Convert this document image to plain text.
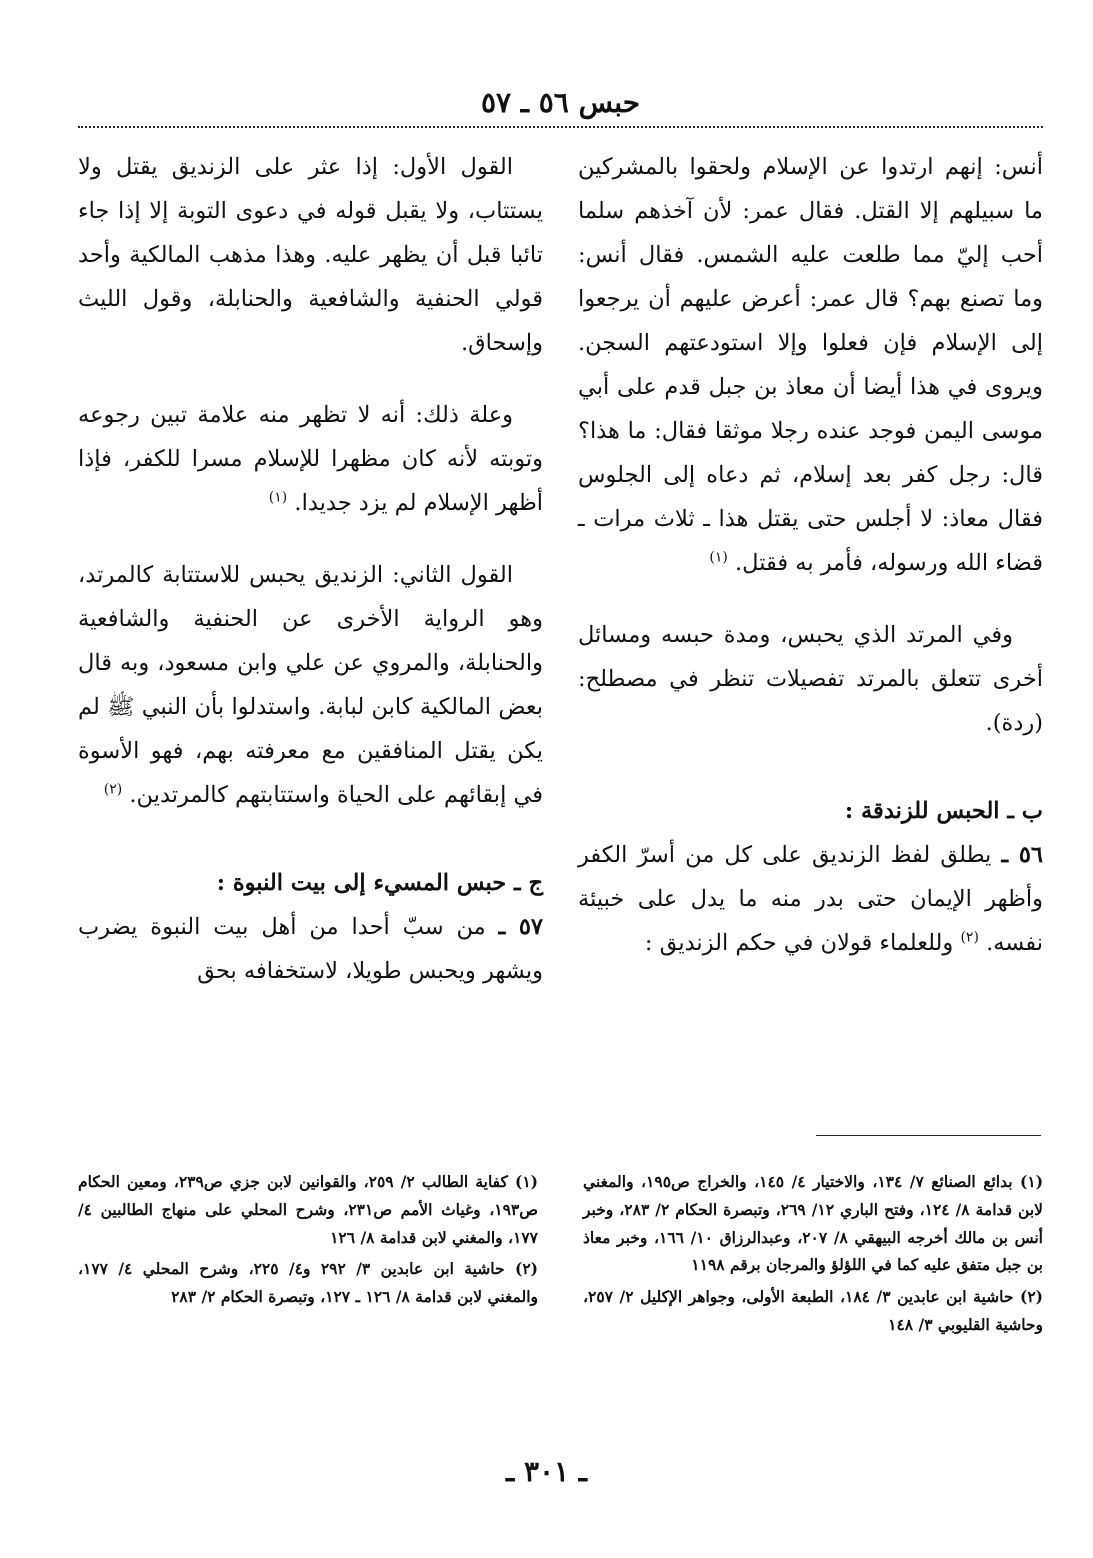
حبس ٥٦ ـ ٥٧

أنس: إنهم ارتدوا عن الإسلام ولحقوا بالمشركين ما سبيلهم إلا القتل. فقال عمر: لأن آخذهم سلما أحب إليّ مما طلعت عليه الشمس. فقال أنس: وما تصنع بهم؟ قال عمر: أعرض عليهم أن يرجعوا إلى الإسلام فإن فعلوا وإلا استودعتهم السجن. ويروى في هذا أيضا أن معاذ بن جبل قدم على أبي موسى اليمن فوجد عنده رجلا موثقا فقال: ما هذا؟ قال: رجل كفر بعد إسلام، ثم دعاه إلى الجلوس فقال معاذ: لا أجلس حتى يقتل هذا ـ ثلاث مرات ـ قضاء الله ورسوله، فأمر به فقتل. $^{(١)}$

وفي المرتد الذي يحبس، ومدة حبسه ومسائل أخرى تتعلق بالمرتد تفصيلات تنظر في مصطلح: (ردة).

ب ـ الحبس للزندقة :

٥٦ ـ يطلق لفظ الزنديق على كل من أسرّ الكفر وأظهر الإيمان حتى بدر منه ما يدل على خبيئة نفسه. $^{(٢)}$ وللعلماء قولان في حكم الزنديق :

القول الأول: إذا عثر على الزنديق يقتل ولا يستتاب، ولا يقبل قوله في دعوى التوبة إلا إذا جاء تائبا قبل أن يظهر عليه. وهذا مذهب المالكية وأحد قولي الحنفية والشافعية والحنابلة، وقول الليث وإسحاق.

وعلة ذلك: أنه لا تظهر منه علامة تبين رجوعه وتوبته لأنه كان مظهرا للإسلام مسرا للكفر، فإذا أظهر الإسلام لم يزد جديدا. $^{(١)}$

القول الثاني: الزنديق يحبس للاستتابة كالمرتد، وهو الرواية الأخرى عن الحنفية والشافعية والحنابلة، والمروي عن علي وابن مسعود، وبه قال بعض المالكية كابن لبابة. واستدلوا بأن النبي ﷺ لم يكن يقتل المنافقين مع معرفته بهم، فهو الأسوة في إبقائهم على الحياة واستتابتهم كالمرتدين. $^{(٢)}$

ج ـ حبس المسيء إلى بيت النبوة :

٥٧ ـ من سبّ أحدا من أهل بيت النبوة يضرب ويشهر ويحبس طويلا، لاستخفافه بحق

(١) بدائع الصنائع ٧/ ١٣٤، والاختيار ٤/ ١٤٥، والخراج ص١٩٥، والمغني لابن قدامة ٨/ ١٢٤، وفتح الباري ١٢/ ٢٦٩، وتبصرة الحكام ٢/ ٢٨٣، وخبر أنس بن مالك أخرجه البيهقي ٨/ ٢٠٧، وعبدالرزاق ١٠/ ١٦٦، وخبر معاذ بن جبل متفق عليه كما في اللؤلؤ والمرجان برقم ١١٩٨

(٢) حاشية ابن عابدين ٣/ ١٨٤، الطبعة الأولى، وجواهر الإكليل ٢/ ٢٥٧، وحاشية القليوبي ٣/ ١٤٨

(١) كفاية الطالب ٢/ ٢٥٩، والقوانين لابن جزي ص٢٣٩، ومعين الحكام ص١٩٣، وغياث الأمم ص٢٣١، وشرح المحلي على منهاج الطالبين ٤/ ١٧٧، والمغني لابن قدامة ٨/ ١٢٦

(٢) حاشية ابن عابدين ٣/ ٢٩٢ و٤/ ٢٢٥، وشرح المحلي ٤/ ١٧٧، والمغني لابن قدامة ٨/ ١٢٦ ـ ١٢٧، وتبصرة الحكام ٢/ ٢٨٣

ـ ٣٠١ ـ
